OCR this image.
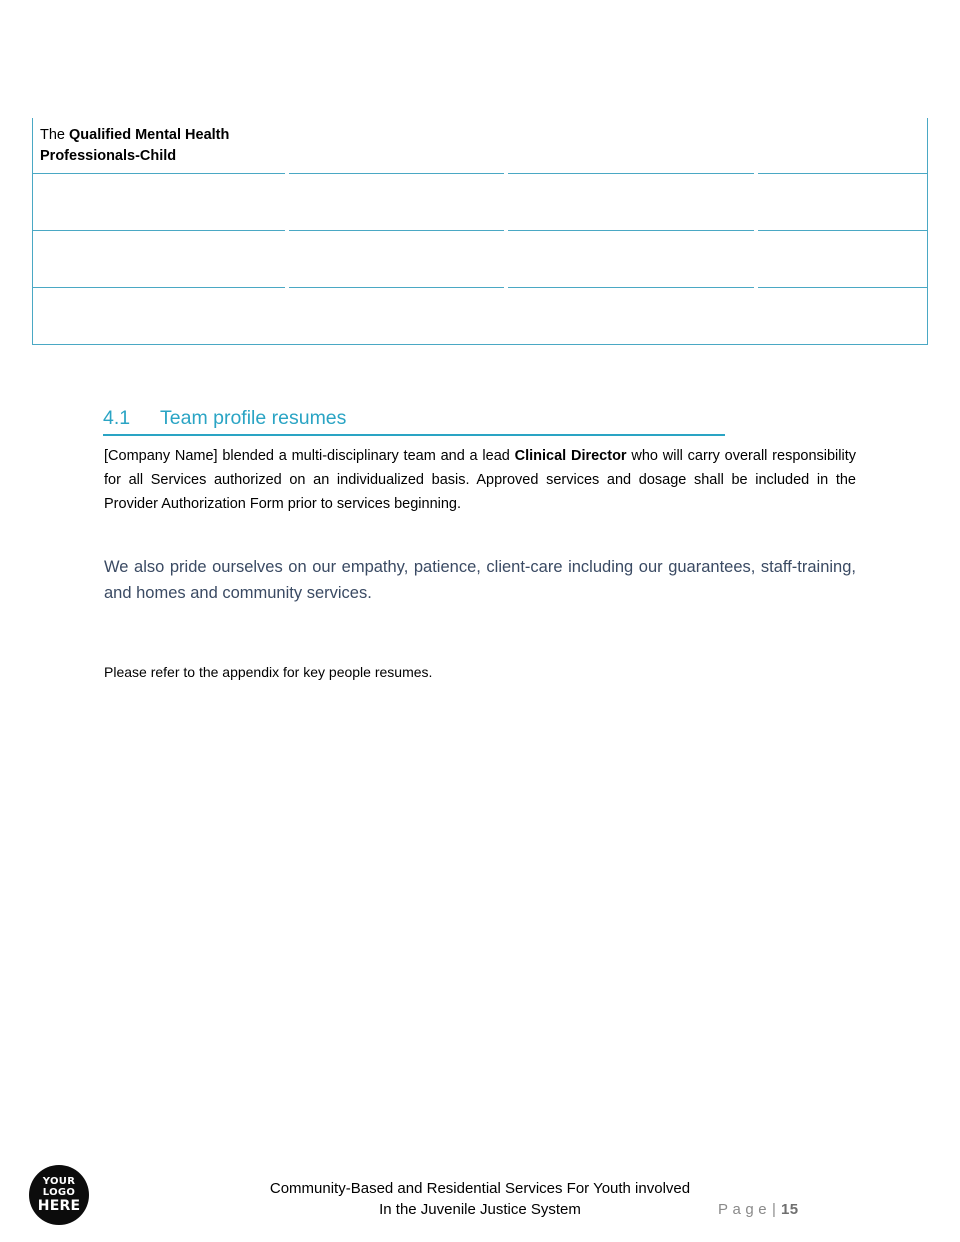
The Qualified Mental Health
Professionals-Child
4.1 Team profile resumes

[Company Name] blended a multi-disciplinary team and a lead Clinical Director who will carry overall responsibility for all Services authorized on an individualized basis. Approved services and dosage shall be included in the Provider Authorization Form prior to services beginning.

We also pride ourselves on our empathy, patience, client-care including our guarantees, staff-training, and homes and community services.

Please refer to the appendix for key people resumes.

YOUR
LOGO
HERE
Community-Based and Residential Services For Youth involved
In the Juvenile Justice System	Page| 15
